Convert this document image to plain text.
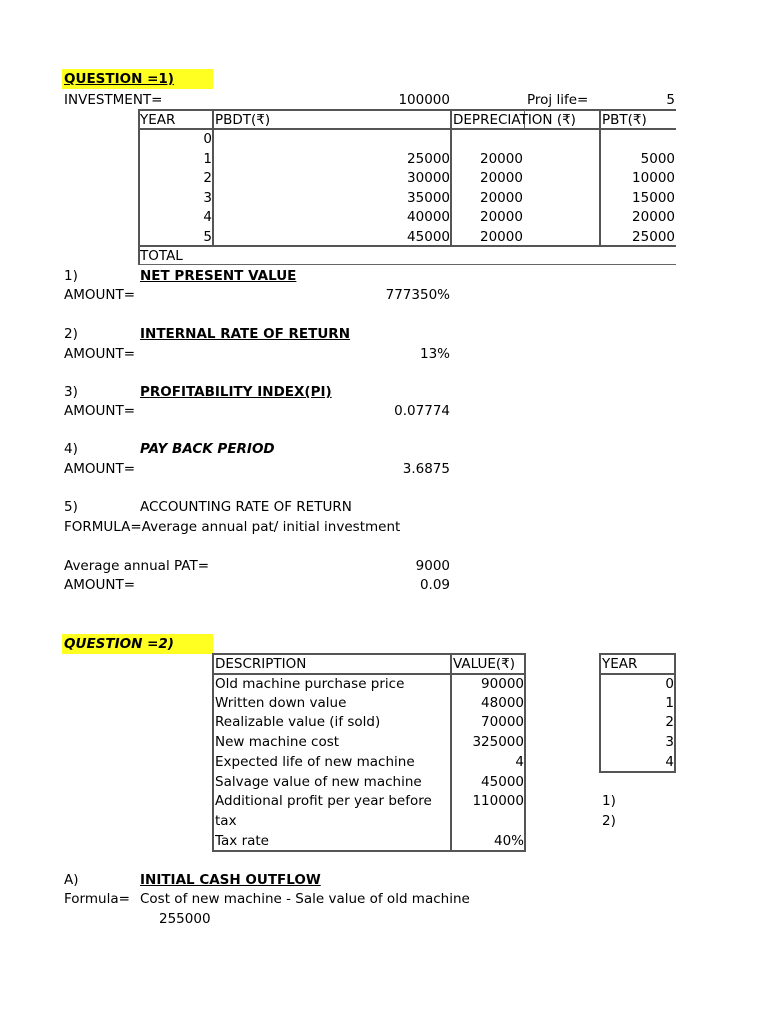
QUESTION =1)
INVESTMENT=	100000	Proj life=	5
YEAR	PBDT(₹)	DEPRECIATION (₹) PBT(₹)
0
1	25000 20000	5000
2	30000 20000	10000
3	35000 20000	15000
4	40000 20000	20000
5	45000 20000	25000
TOTAL
1)	NET PRESENT VALUE
AMOUNT=	777350%
2)	INTERNAL RATE OF RETURN
AMOUNT=	13%
3)	PROFITABILITY INDEX(PI)
AMOUNT=	0.07774
4)	PAY BACK PERIOD
AMOUNT=	3.6875
5)	ACCOUNTING RATE OF RETURN
FORMULA=Average annual pat/ initial investment
Average annual PAT=	9000
AMOUNT=	0.09
QUESTION =2)
DESCRIPTION	VALUE(₹)
Old machine purchase price	90000
Written down value	48000
Realizable value (if sold)	70000
New machine cost	325000
Expected life of new machine	4
Salvage value of new machine	45000
Additional profit per year before
tax
110000
Tax rate	40%
YEAR
0
1
2
3
4
1)
2)
A)	INITIAL CASH OUTFLOW
Formula= Cost of new machine - Sale value of old machine
255000
